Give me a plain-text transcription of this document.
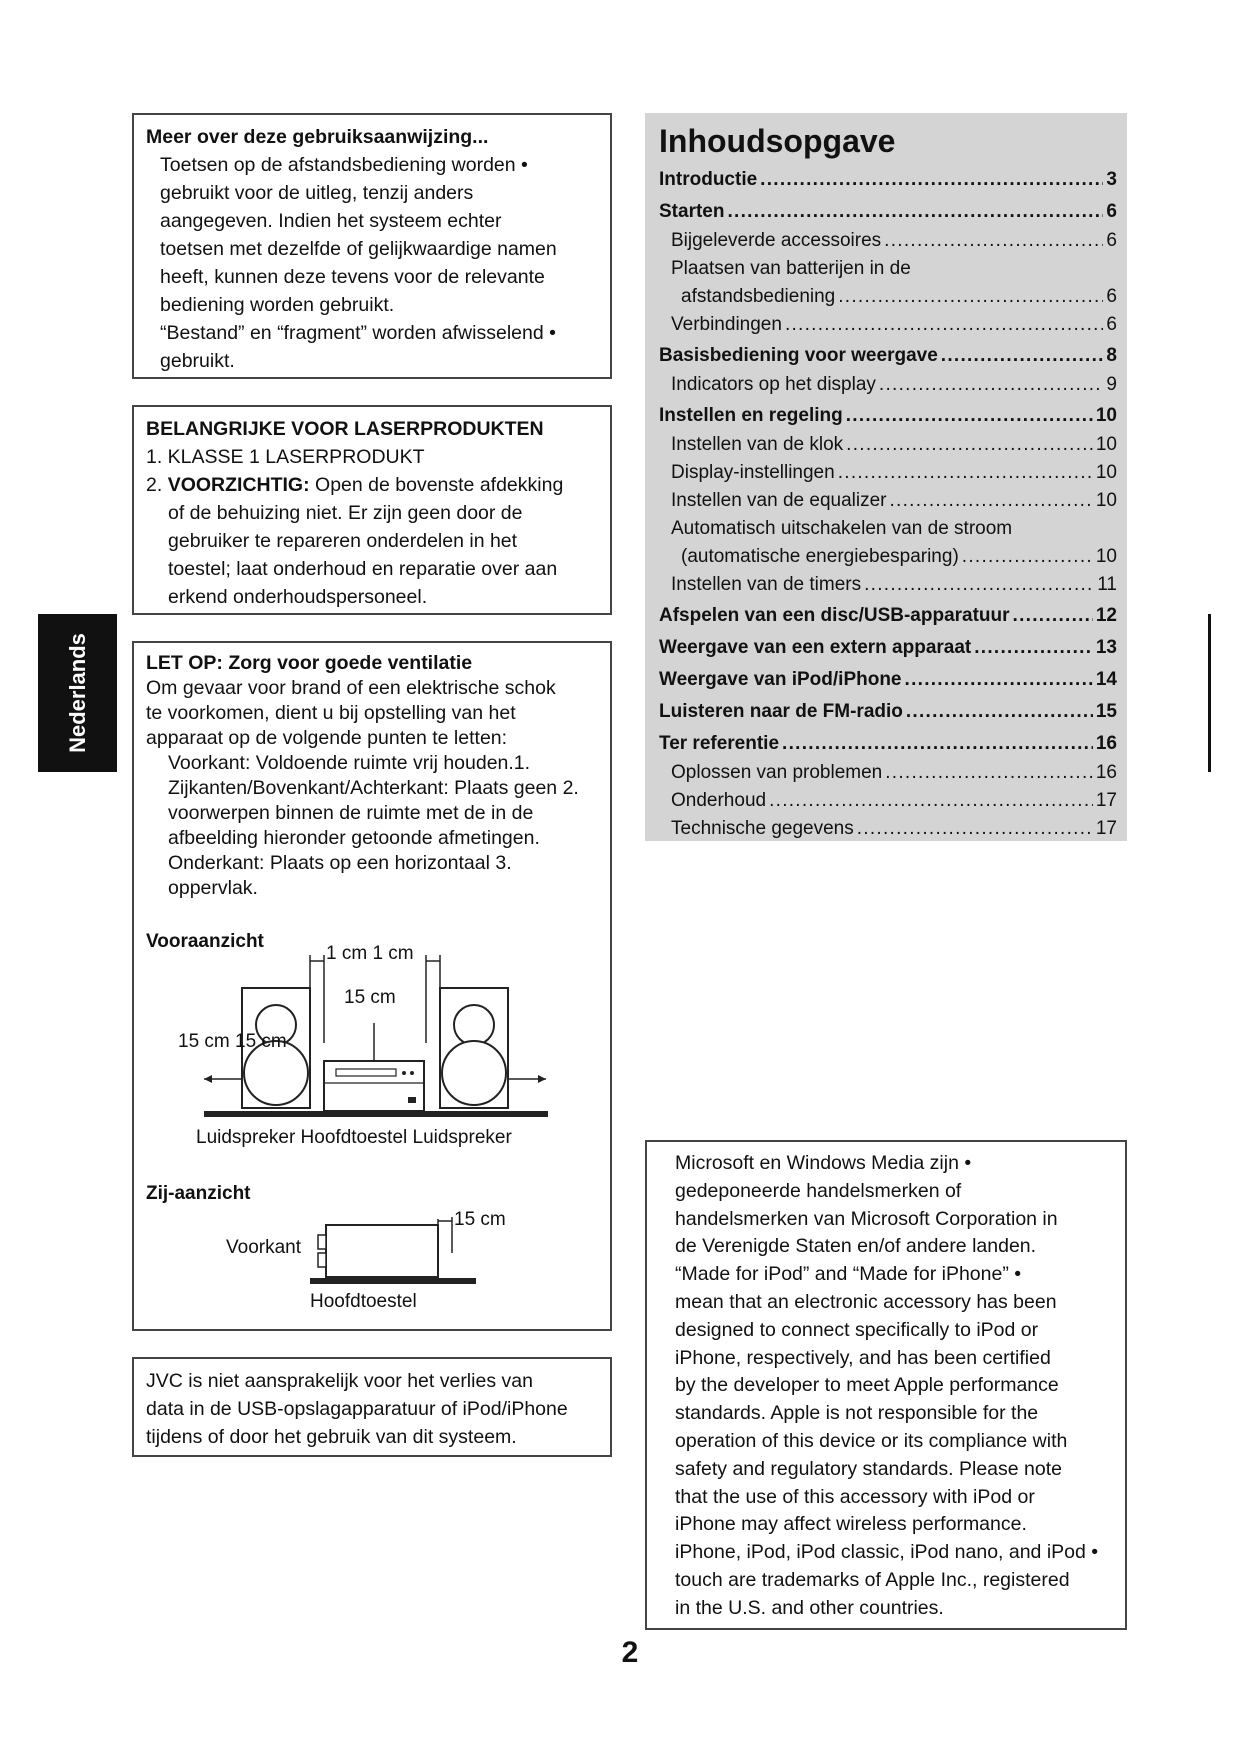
Nederlands
Meer over deze gebruiksaanwijzing...
Toetsen op de afstandsbediening worden •
gebruikt voor de uitleg, tenzij anders
aangegeven. Indien het systeem echter
toetsen met dezelfde of gelijkwaardige namen
heeft, kunnen deze tevens voor de relevante
bediening worden gebruikt.
“Bestand” en “fragment” worden afwisselend •
gebruikt.
BELANGRIJKE VOOR LASERPRODUKTEN
1. KLASSE 1 LASERPRODUKT
2. VOORZICHTIG: Open de bovenste afdekking
of de behuizing niet. Er zijn geen door de
gebruiker te repareren onderdelen in het
toestel; laat onderhoud en reparatie over aan
erkend onderhoudspersoneel.
LET OP: Zorg voor goede ventilatie
Om gevaar voor brand of een elektrische schok
te voorkomen, dient u bij opstelling van het
apparaat op de volgende punten te letten:
Voorkant: Voldoende ruimte vrij houden.1.
Zijkanten/Bovenkant/Achterkant: Plaats geen 2.
voorwerpen binnen de ruimte met de in de
afbeelding hieronder getoonde afmetingen.
Onderkant: Plaats op een horizontaal 3.
oppervlak.
Vooraanzicht
1 cm 1 cm
15 cm
15 cm 15 cm
Luidspreker Hoofdtoestel Luidspreker
Zij-aanzicht
15 cm
Voorkant
Hoofdtoestel
JVC is niet aansprakelijk voor het verlies van
data in de USB-opslagapparatuur of iPod/iPhone
tijdens of door het gebruik van dit systeem.
Inhoudsopgave
Introductie . . .	3
Starten . . .	6
Bijgeleverde accessoires . . .	6
Plaatsen van batterijen in de
afstandsbediening . . .	6
Verbindingen . . .	6
Basisbediening voor weergave . . .	8
Indicators op het display . . .	9
Instellen en regeling . . .	10
Instellen van de klok . . .	10
Display-instellingen . . .	10
Instellen van de equalizer . . .	10
Automatisch uitschakelen van de stroom
(automatische energiebesparing) . . .	10
Instellen van de timers . . .	11
Afspelen van een disc/USB-apparatuur . . .	12
Weergave van een extern apparaat . . .	13
Weergave van iPod/iPhone . . .	14
Luisteren naar de FM-radio . . .	15
Ter referentie . . .	16
Oplossen van problemen . . .	16
Onderhoud . . .	17
Technische gegevens . . .	17
Microsoft en Windows Media zijn •
gedeponeerde handelsmerken of
handelsmerken van Microsoft Corporation in
de Verenigde Staten en/of andere landen.
“Made for iPod” and “Made for iPhone” •
mean that an electronic accessory has been
designed to connect specifically to iPod or
iPhone, respectively, and has been certified
by the developer to meet Apple performance
standards. Apple is not responsible for the
operation of this device or its compliance with
safety and regulatory standards. Please note
that the use of this accessory with iPod or
iPhone may affect wireless performance.
iPhone, iPod, iPod classic, iPod nano, and iPod •
touch are trademarks of Apple Inc., registered
in the U.S. and other countries.
2
